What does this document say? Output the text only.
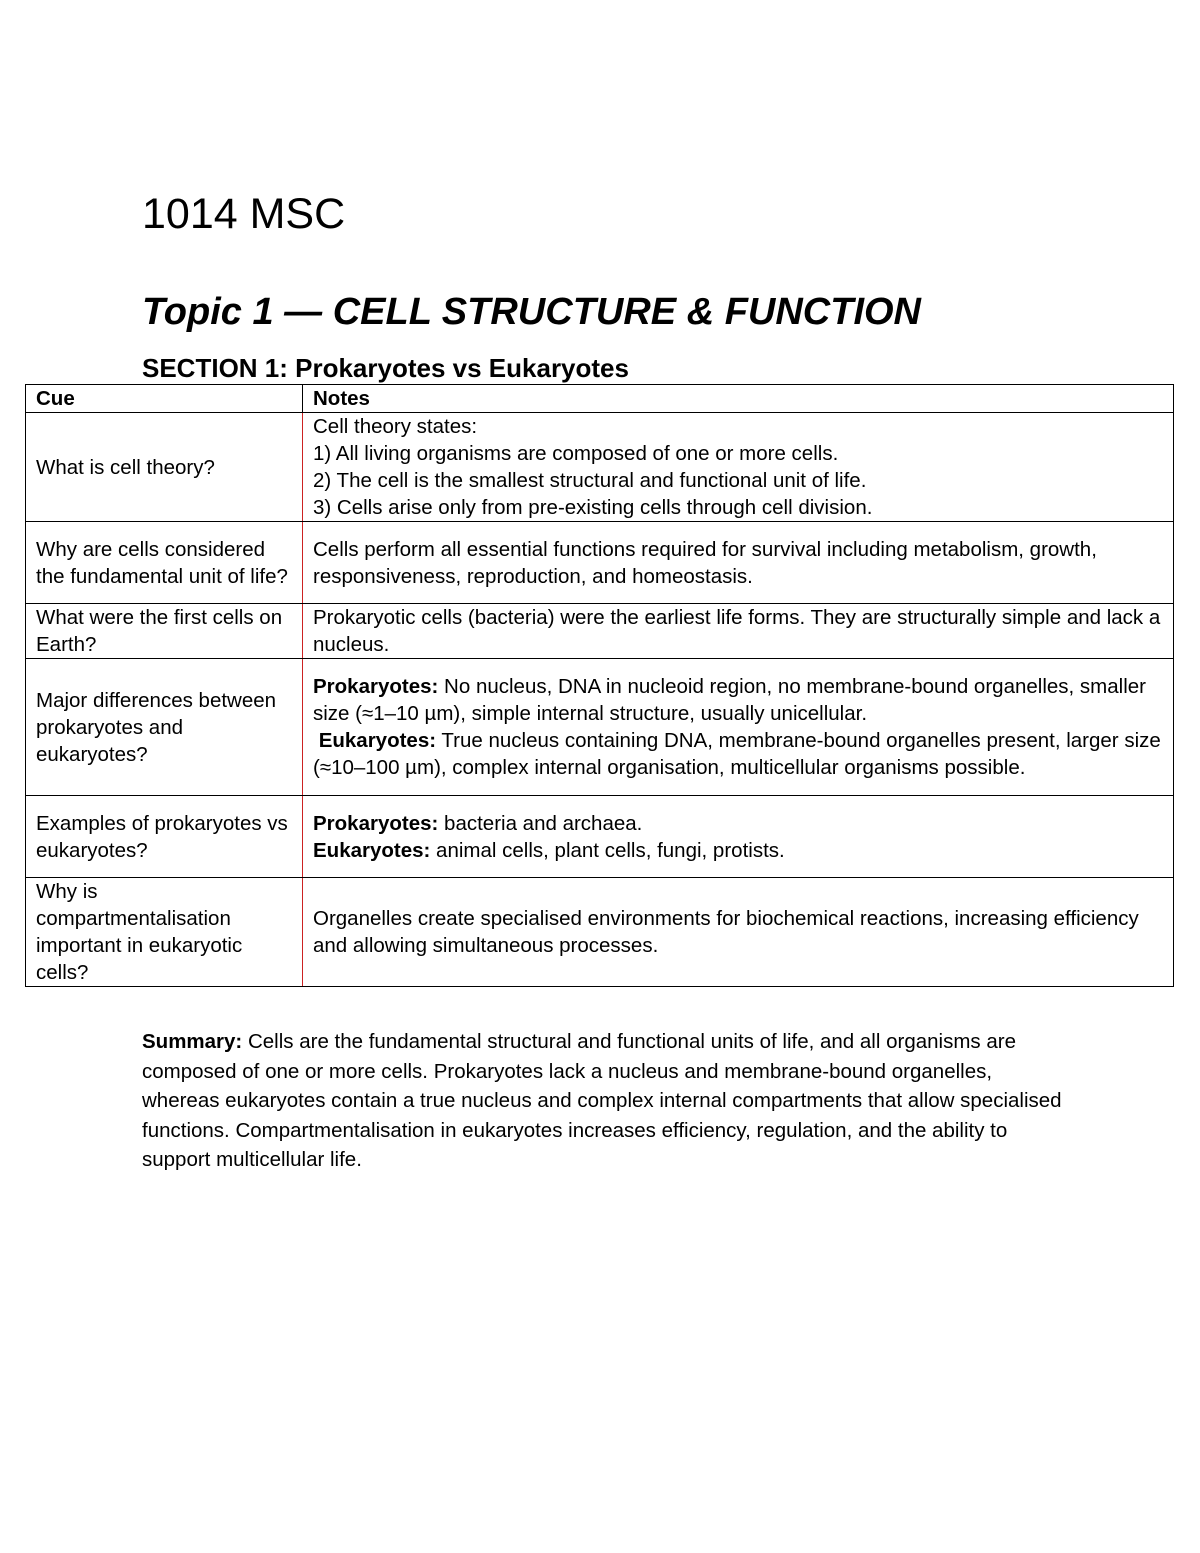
1014 MSC
Topic 1 — CELL STRUCTURE & FUNCTION
SECTION 1: Prokaryotes vs Eukaryotes
Cue	Notes
What is cell theory?	Cell theory states:
1) All living organisms are composed of one or more cells.
2) The cell is the smallest structural and functional unit of life.
3) Cells arise only from pre-existing cells through cell division.

Why are cells considered the fundamental unit of life?	Cells perform all essential functions required for survival including metabolism, growth, responsiveness, reproduction, and homeostasis.
What were the first cells on Earth?	Prokaryotic cells (bacteria) were the earliest life forms. They are structurally simple and lack a nucleus.
Major differences between prokaryotes and eukaryotes?	Prokaryotes: No nucleus, DNA in nucleoid region, no membrane-bound organelles, smaller size (≈1–10 µm), simple internal structure, usually unicellular.
Eukaryotes: True nucleus containing DNA, membrane-bound organelles present, larger size (≈10–100 µm), complex internal organisation, multicellular organisms possible.

Examples of prokaryotes vs eukaryotes?	Prokaryotes: bacteria and archaea.
Eukaryotes: animal cells, plant cells, fungi, protists.

Why is compartmentalisation important in eukaryotic cells?	Organelles create specialised environments for biochemical reactions, increasing efficiency and allowing simultaneous processes.

Summary: Cells are the fundamental structural and functional units of life, and all organisms are composed of one or more cells. Prokaryotes lack a nucleus and membrane-bound organelles, whereas eukaryotes contain a true nucleus and complex internal compartments that allow specialised functions. Compartmentalisation in eukaryotes increases efficiency, regulation, and the ability to support multicellular life.
